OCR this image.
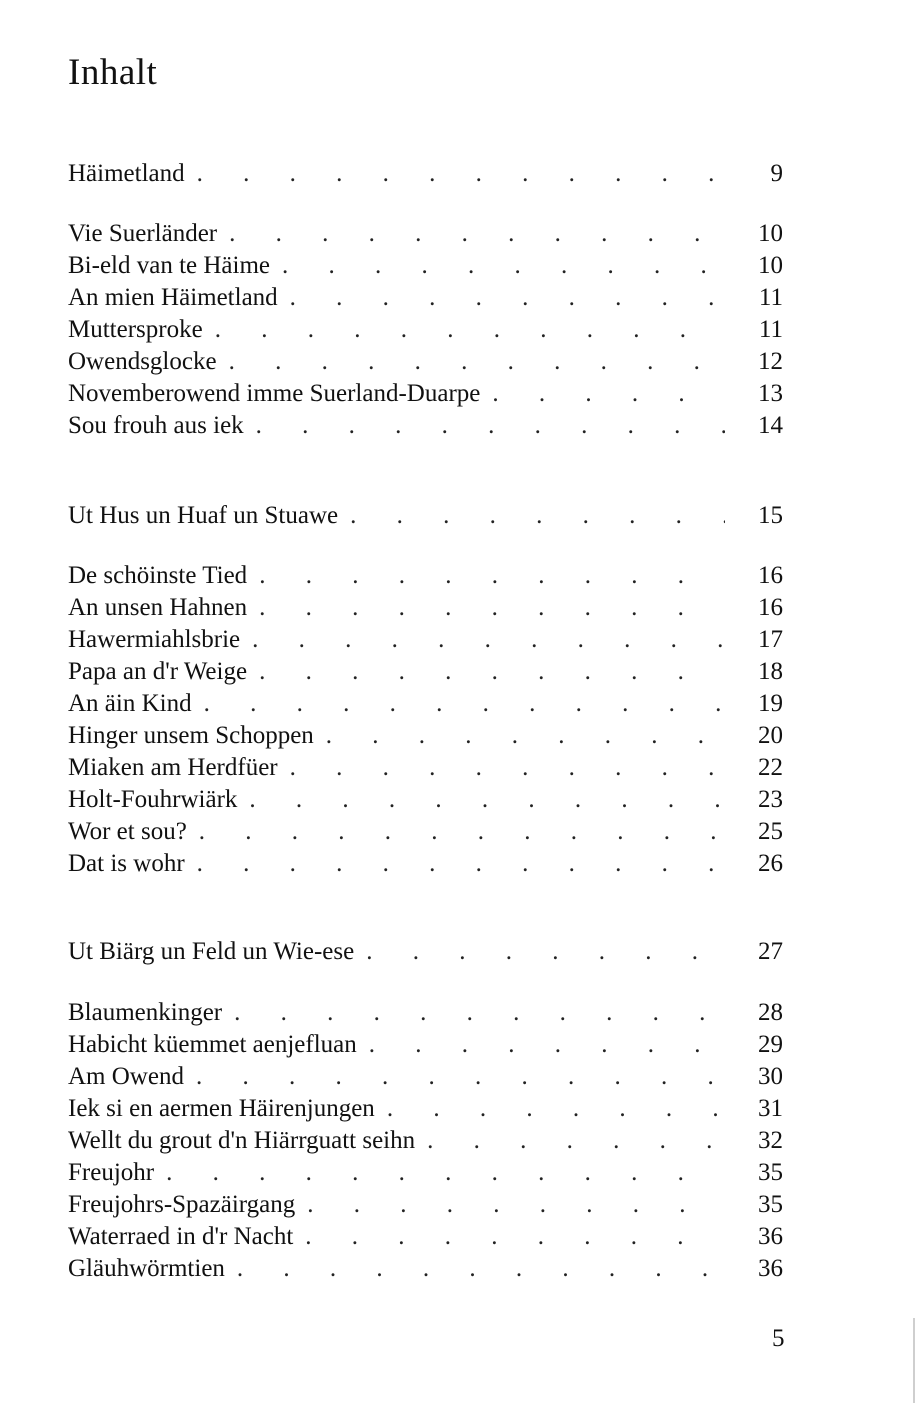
Inhalt
Häimetland . . .	9
Vie Suerländer . . .	10
Bi-eld van te Häime . . .	10
An mien Häimetland . . .	11
Muttersproke . . .	11
Owendsglocke . . .	12
Novemberowend imme Suerland-Duarpe . . .	13
Sou frouh aus iek . . .	14
Ut Hus un Huaf un Stuawe . . .	15
De schöinste Tied . . .	16
An unsen Hahnen . . .	16
Hawermiahlsbrie . . .	17
Papa an d'r Weige . . .	18
An äin Kind . . .	19
Hinger unsem Schoppen . . .	20
Miaken am Herdfüer . . .	22
Holt-Fouhrwiärk . . .	23
Wor et sou? . . .	25
Dat is wohr . . .	26
Ut Biärg un Feld un Wie-ese . . .	27
Blaumenkinger . . .	28
Habicht küemmet aenjefluan . . .	29
Am Owend . . .	30
Iek si en aermen Häirenjungen . . .	31
Wellt du grout d'n Hiärrguatt seihn . . .	32
Freujohr . . .	35
Freujohrs-Spazäirgang . . .	35
Waterraed in d'r Nacht . . .	36
Gläuhwörmtien . . .	36
5
